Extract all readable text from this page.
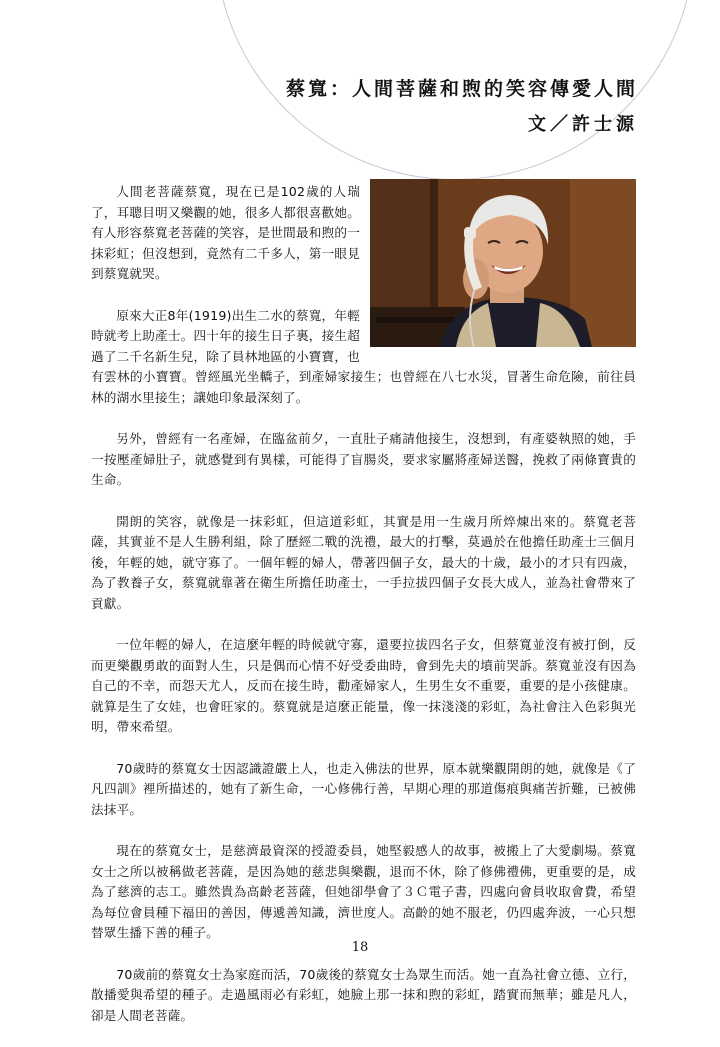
蔡寬：人間菩薩和煦的笑容傳愛人間
文／許士源

人間老菩薩蔡寬，現在已是102歲的人瑞了，耳聰目明又樂觀的她，很多人都很喜歡她。有人形容蔡寬老菩薩的笑容，是世間最和煦的一抹彩虹；但沒想到，竟然有二千多人，第一眼見到蔡寬就哭。

原來大正8年(1919)出生二水的蔡寬，年輕時就考上助產士。四十年的接生日子裏，接生超過了二千名新生兒，除了員林地區的小寶寶，也有雲林的小寶寶。曾經風光坐轎子，到產婦家接生；也曾經在八七水災，冒著生命危險，前往員林的湖水里接生；讓她印象最深刻了。

另外，曾經有一名產婦，在臨盆前夕，一直肚子痛請他接生，沒想到，有產婆執照的她，手一按壓產婦肚子，就感覺到有異樣，可能得了盲腸炎，要求家屬將產婦送醫，挽救了兩條寶貴的生命。

開朗的笑容，就像是一抹彩虹，但這道彩虹，其實是用一生歲月所焠煉出來的。蔡寬老菩薩，其實並不是人生勝利組，除了歷經二戰的洗禮，最大的打擊，莫過於在他擔任助產士三個月後，年輕的她，就守寡了。一個年輕的婦人，帶著四個子女，最大的十歲，最小的才只有四歲，為了教養子女，蔡寬就靠著在衛生所擔任助產士，一手拉拔四個子女長大成人，並為社會帶來了貢獻。

一位年輕的婦人，在這麼年輕的時候就守寡，還要拉拔四名子女，但蔡寬並沒有被打倒，反而更樂觀勇敢的面對人生，只是偶而心情不好受委曲時，會到先夫的墳前哭訴。蔡寬並沒有因為自己的不幸，而怨天尤人，反而在接生時，勸產婦家人，生男生女不重要，重要的是小孩健康。就算是生了女娃，也會旺家的。蔡寬就是這麼正能量，像一抹淺淺的彩虹，為社會注入色彩與光明，帶來希望。

70歲時的蔡寬女士因認識證嚴上人，也走入佛法的世界，原本就樂觀開朗的她，就像是《了凡四訓》裡所描述的，她有了新生命，一心修佛行善，早期心理的那道傷痕與痛苦折難，已被佛法抹平。

現在的蔡寬女士，是慈濟最資深的授證委員，她堅毅感人的故事，被搬上了大愛劇場。蔡寬女士之所以被稱做老菩薩，是因為她的慈悲與樂觀，退而不休，除了修佛禮佛，更重要的是，成為了慈濟的志工。雖然貴為高齡老菩薩，但她卻學會了３Ｃ電子書，四處向會員收取會費，希望為每位會員種下福田的善因，傳遞善知識，濟世度人。高齡的她不服老，仍四處奔波，一心只想替眾生播下善的種子。

70歲前的蔡寬女士為家庭而活，70歲後的蔡寬女士為眾生而活。她一直為社會立德、立行，散播愛與希望的種子。走過風雨必有彩虹，她臉上那一抹和煦的彩虹，踏實而無華；雖是凡人，卻是人間老菩薩。

18
